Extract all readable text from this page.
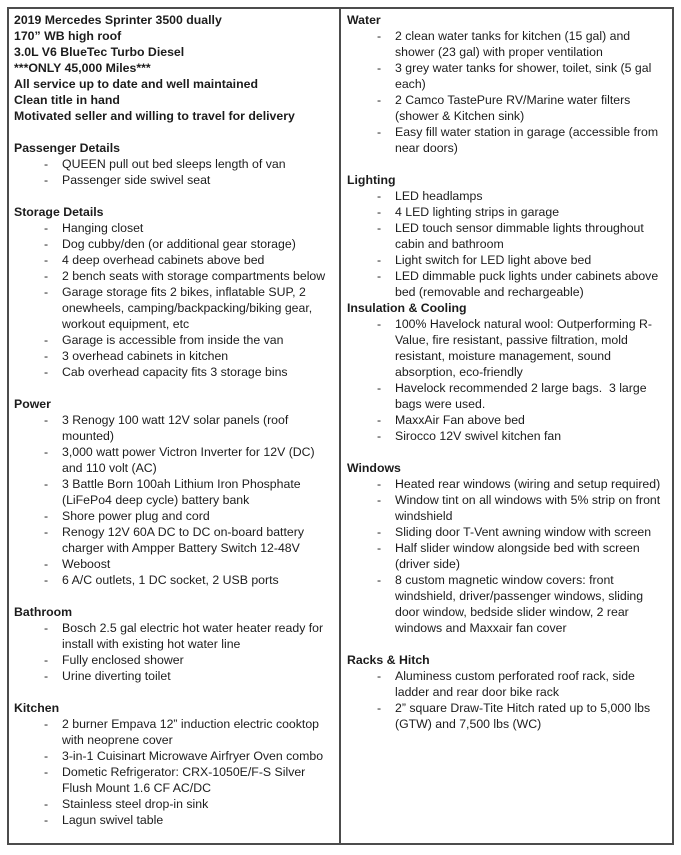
2019 Mercedes Sprinter 3500 dually
170” WB high roof
3.0L V6 BlueTec Turbo Diesel
***ONLY 45,000 Miles***
All service up to date and well maintained
Clean title in hand
Motivated seller and willing to travel for delivery
Passenger Details
- QUEEN pull out bed sleeps length of van
- Passenger side swivel seat
Storage Details
- Hanging closet
- Dog cubby/den (or additional gear storage)
- 4 deep overhead cabinets above bed
- 2 bench seats with storage compartments below
- Garage storage fits 2 bikes, inflatable SUP, 2 onewheels, camping/backpacking/biking gear, workout equipment, etc
- Garage is accessible from inside the van
- 3 overhead cabinets in kitchen
- Cab overhead capacity fits 3 storage bins
Power
- 3 Renogy 100 watt 12V solar panels (roof mounted)
- 3,000 watt power Victron Inverter for 12V (DC) and 110 volt (AC)
- 3 Battle Born 100ah Lithium Iron Phosphate (LiFePo4 deep cycle) battery bank
- Shore power plug and cord
- Renogy 12V 60A DC to DC on-board battery charger with Ampper Battery Switch 12-48V
- Weboost
- 6 A/C outlets, 1 DC socket, 2 USB ports
Bathroom
- Bosch 2.5 gal electric hot water heater ready for install with existing hot water line
- Fully enclosed shower
- Urine diverting toilet
Kitchen
- 2 burner Empava 12” induction electric cooktop with neoprene cover
- 3-in-1 Cuisinart Microwave Airfryer Oven combo
- Dometic Refrigerator: CRX-1050E/F-S Silver Flush Mount 1.6 CF AC/DC
- Stainless steel drop-in sink
- Lagun swivel table
Water
- 2 clean water tanks for kitchen (15 gal) and shower (23 gal) with proper ventilation
- 3 grey water tanks for shower, toilet, sink (5 gal each)
- 2 Camco TastePure RV/Marine water filters (shower & Kitchen sink)
- Easy fill water station in garage (accessible from near doors)
Lighting
- LED headlamps
- 4 LED lighting strips in garage
- LED touch sensor dimmable lights throughout cabin and bathroom
- Light switch for LED light above bed
- LED dimmable puck lights under cabinets above bed (removable and rechargeable)
Insulation & Cooling
- 100% Havelock natural wool: Outperforming R-Value, fire resistant, passive filtration, mold resistant, moisture management, sound absorption, eco-friendly
- Havelock recommended 2 large bags.  3 large bags were used.
- MaxxAir Fan above bed
- Sirocco 12V swivel kitchen fan
Windows
- Heated rear windows (wiring and setup required)
- Window tint on all windows with 5% strip on front windshield
- Sliding door T-Vent awning window with screen
- Half slider window alongside bed with screen (driver side)
- 8 custom magnetic window covers: front windshield, driver/passenger windows, sliding door window, bedside slider window, 2 rear windows and Maxxair fan cover
Racks & Hitch
- Aluminess custom perforated roof rack, side ladder and rear door bike rack
- 2” square Draw-Tite Hitch rated up to 5,000 lbs (GTW) and 7,500 lbs (WC)
